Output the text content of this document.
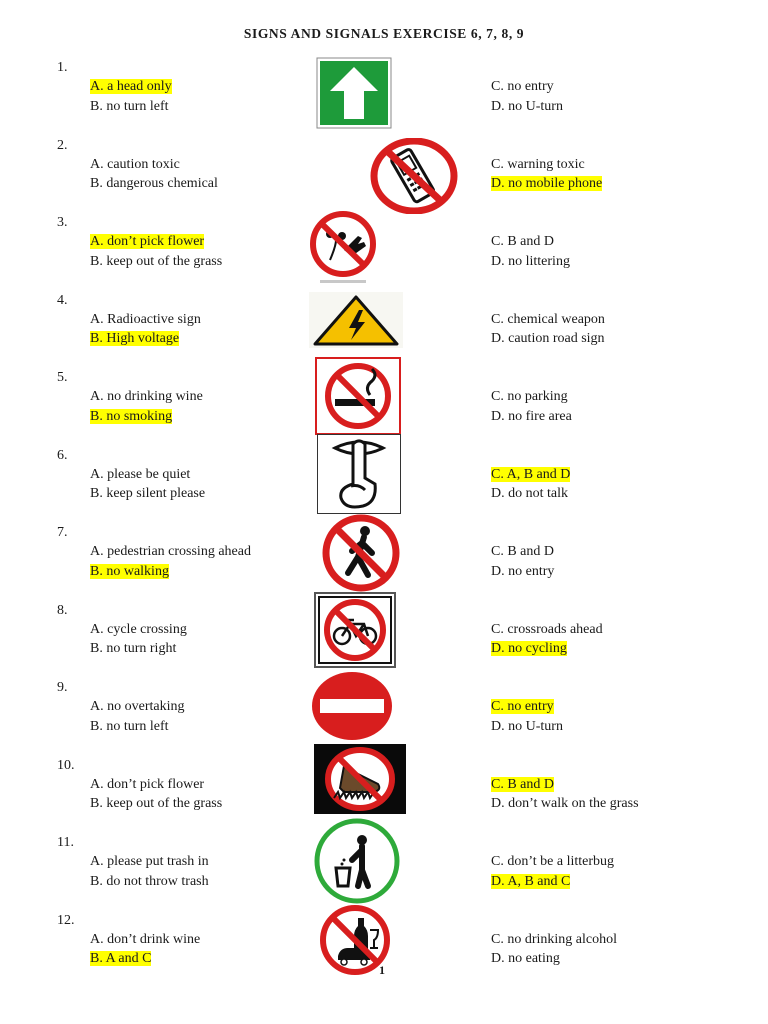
SIGNS AND SIGNALS EXERCISE 6, 7, 8, 9
1.
A. a head only
B. no turn left
C. no entry
D. no U-turn
2.
A. caution toxic
B. dangerous chemical
C. warning toxic
D. no mobile phone
3.
A. don’t pick flower
B. keep out of the grass
C. B and D
D. no littering
4.
A. Radioactive sign
B. High voltage
C. chemical weapon
D. caution road sign
5.
A. no drinking wine
B. no smoking
C. no parking
D. no fire area
6.
A. please be quiet
B. keep silent please
C. A, B and D
D. do not talk
7.
A. pedestrian crossing ahead
B. no walking
C. B and D
D. no entry
8.
A. cycle crossing
B. no turn right
C. crossroads ahead
D. no cycling
9.
A. no overtaking
B. no turn left
C. no entry
D. no U-turn
10.
A. don’t pick flower
B. keep out of the grass
C. B and D
D. don’t walk on the grass
11.
A. please put trash in
B. do not throw trash
C. don’t be a litterbug
D. A, B and C
12.
A. don’t drink wine
B. A and C
C. no drinking alcohol
D. no eating
1
